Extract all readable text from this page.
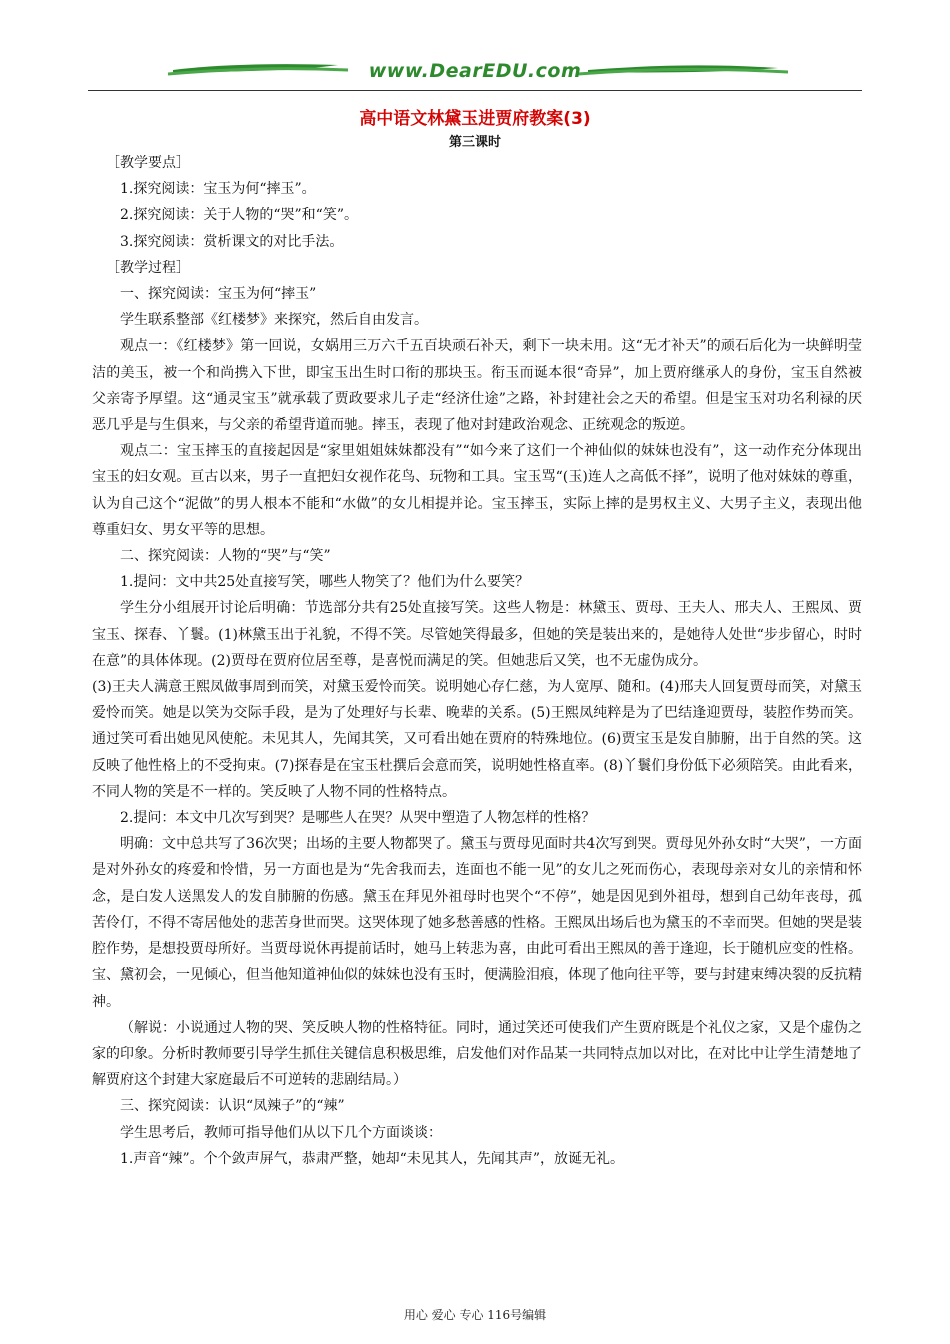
www.DearEDU.com
高中语文林黛玉进贾府教案(3)
第三课时

［教学要点］

1.探究阅读：宝玉为何“摔玉”。

2.探究阅读：关于人物的“哭”和“笑”。

3.探究阅读：赏析课文的对比手法。

［教学过程］

一、探究阅读：宝玉为何“摔玉”

学生联系整部《红楼梦》来探究，然后自由发言。

观点一：《红楼梦》第一回说，女娲用三万六千五百块顽石补天，剩下一块未用。这“无才补天”的顽石后化为一块鲜明莹洁的美玉，被一个和尚携入下世，即宝玉出生时口衔的那块玉。衔玉而诞本很“奇异”，加上贾府继承人的身份，宝玉自然被父亲寄予厚望。这“通灵宝玉”就承载了贾政要求儿子走“经济仕途”之路，补封建社会之天的希望。但是宝玉对功名利禄的厌恶几乎是与生俱来，与父亲的希望背道而驰。摔玉，表现了他对封建政治观念、正统观念的叛逆。

观点二：宝玉摔玉的直接起因是“家里姐姐妹妹都没有”“如今来了这们一个神仙似的妹妹也没有”，这一动作充分体现出宝玉的妇女观。亘古以来，男子一直把妇女视作花鸟、玩物和工具。宝玉骂“(玉)连人之高低不择”，说明了他对妹妹的尊重，认为自己这个“泥做”的男人根本不能和“水做”的女儿相提并论。宝玉摔玉，实际上摔的是男权主义、大男子主义，表现出他尊重妇女、男女平等的思想。

二、探究阅读：人物的“哭”与“笑”

1.提问：文中共25处直接写笑，哪些人物笑了？他们为什么要笑？

学生分小组展开讨论后明确：节选部分共有25处直接写笑。这些人物是：林黛玉、贾母、王夫人、邢夫人、王熙凤、贾宝玉、探春、丫鬟。(1)林黛玉出于礼貌，不得不笑。尽管她笑得最多，但她的笑是装出来的，是她待人处世“步步留心，时时在意”的具体体现。(2)贾母在贾府位居至尊，是喜悦而满足的笑。但她悲后又笑，也不无虚伪成分。

(3)王夫人满意王熙凤做事周到而笑，对黛玉爱怜而笑。说明她心存仁慈，为人宽厚、随和。(4)邢夫人回复贾母而笑，对黛玉爱怜而笑。她是以笑为交际手段，是为了处理好与长辈、晚辈的关系。(5)王熙凤纯粹是为了巴结逢迎贾母，装腔作势而笑。通过笑可看出她见风使舵。未见其人，先闻其笑，又可看出她在贾府的特殊地位。(6)贾宝玉是发自肺腑，出于自然的笑。这反映了他性格上的不受拘束。(7)探春是在宝玉杜撰后会意而笑，说明她性格直率。(8)丫鬟们身份低下必须陪笑。由此看来，不同人物的笑是不一样的。笑反映了人物不同的性格特点。

2.提问：本文中几次写到哭？是哪些人在哭？从哭中塑造了人物怎样的性格？

明确：文中总共写了36次哭；出场的主要人物都哭了。黛玉与贾母见面时共4次写到哭。贾母见外孙女时“大哭”，一方面是对外孙女的疼爱和怜惜，另一方面也是为“先舍我而去，连面也不能一见”的女儿之死而伤心，表现母亲对女儿的亲情和怀念，是白发人送黑发人的发自肺腑的伤感。黛玉在拜见外祖母时也哭个“不停”，她是因见到外祖母，想到自己幼年丧母，孤苦伶仃，不得不寄居他处的悲苦身世而哭。这哭体现了她多愁善感的性格。王熙凤出场后也为黛玉的不幸而哭。但她的哭是装腔作势，是想投贾母所好。当贾母说休再提前话时，她马上转悲为喜，由此可看出王熙凤的善于逢迎，长于随机应变的性格。宝、黛初会，一见倾心，但当他知道神仙似的妹妹也没有玉时，便满脸泪痕，体现了他向往平等，要与封建束缚决裂的反抗精神。

（解说：小说通过人物的哭、笑反映人物的性格特征。同时，通过笑还可使我们产生贾府既是个礼仪之家，又是个虚伪之家的印象。分析时教师要引导学生抓住关键信息积极思维，启发他们对作品某一共同特点加以对比，在对比中让学生清楚地了解贾府这个封建大家庭最后不可逆转的悲剧结局。）

三、探究阅读：认识“凤辣子”的“辣”

学生思考后，教师可指导他们从以下几个方面谈谈：

1.声音“辣”。个个敛声屏气，恭肃严整，她却“未见其人，先闻其声”，放诞无礼。

用心 爱心 专心 116号编辑
